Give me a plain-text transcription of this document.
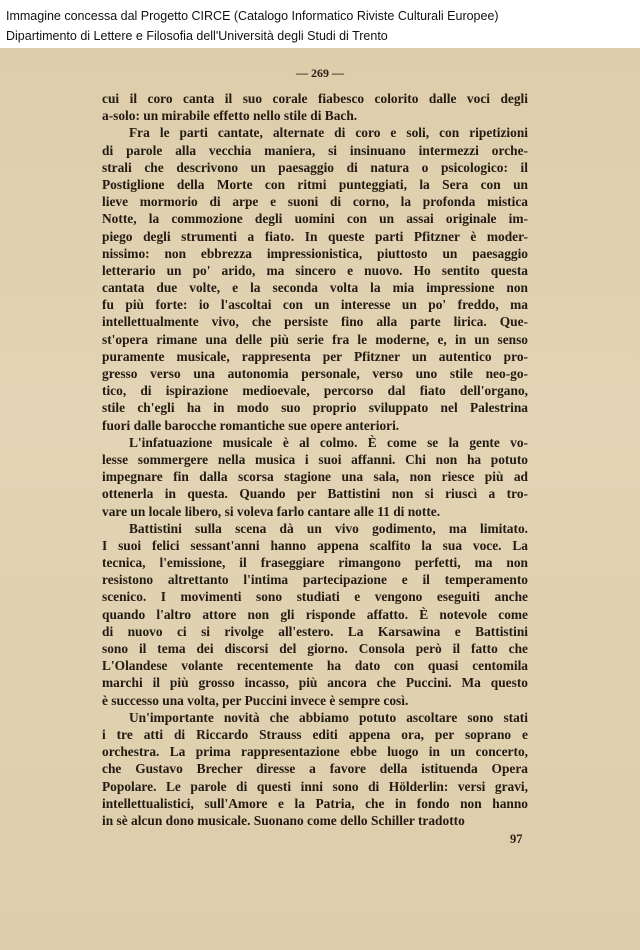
Immagine concessa dal Progetto CIRCE (Catalogo Informatico Riviste Culturali Europee)
Dipartimento di Lettere e Filosofia dell'Università degli Studi di Trento
— 269 —
cui il coro canta il suo corale fiabesco colorito dalle voci degli
a-solo: un mirabile effetto nello stile di Bach.
Fra le parti cantate, alternate di coro e soli, con ripetizioni
di parole alla vecchia maniera, si insinuano intermezzi orche-
strali che descrivono un paesaggio di natura o psicologico: il
Postiglione della Morte con ritmi punteggiati, la Sera con un
lieve mormorio di arpe e suoni di corno, la profonda mistica
Notte, la commozione degli uomini con un assai originale im-
piego degli strumenti a fiato. In queste parti Pfitzner è moder-
nissimo: non ebbrezza impressionistica, piuttosto un paesaggio
letterario un po' arido, ma sincero e nuovo. Ho sentito questa
cantata due volte, e la seconda volta la mia impressione non
fu più forte: io l'ascoltai con un interesse un po' freddo, ma
intellettualmente vivo, che persiste fino alla parte lirica. Que-
st'opera rimane una delle più serie fra le moderne, e, in un senso
puramente musicale, rappresenta per Pfitzner un autentico pro-
gresso verso una autonomia personale, verso uno stile neo-go-
tico, di ispirazione medioevale, percorso dal fiato dell'organo,
stile ch'egli ha in modo suo proprio sviluppato nel Palestrina
fuori dalle barocche romantiche sue opere anteriori.
L'infatuazione musicale è al colmo. È come se la gente vo-
lesse sommergere nella musica i suoi affanni. Chi non ha potuto
impegnare fin dalla scorsa stagione una sala, non riesce più ad
ottenerla in questa. Quando per Battistini non si riuscì a tro-
vare un locale libero, si voleva farlo cantare alle 11 di notte.
Battistini sulla scena dà un vivo godimento, ma limitato.
I suoi felici sessant'anni hanno appena scalfito la sua voce. La
tecnica, l'emissione, il fraseggiare rimangono perfetti, ma non
resistono altrettanto l'intima partecipazione e il temperamento
scenico. I movimenti sono studiati e vengono eseguiti anche
quando l'altro attore non gli risponde affatto. È notevole come
di nuovo ci si rivolge all'estero. La Karsawina e Battistini
sono il tema dei discorsi del giorno. Consola però il fatto che
L'Olandese volante recentemente ha dato con quasi centomila
marchi il più grosso incasso, più ancora che Puccini. Ma questo
è successo una volta, per Puccini invece è sempre così.
Un'importante novità che abbiamo potuto ascoltare sono stati
i tre atti di Riccardo Strauss editi appena ora, per soprano e
orchestra. La prima rappresentazione ebbe luogo in un concerto,
che Gustavo Brecher diresse a favore della istituenda Opera
Popolare. Le parole di questi inni sono di Hölderlin: versi gravi,
intellettualistici, sull'Amore e la Patria, che in fondo non hanno
in sè alcun dono musicale. Suonano come dello Schiller tradotto
97
